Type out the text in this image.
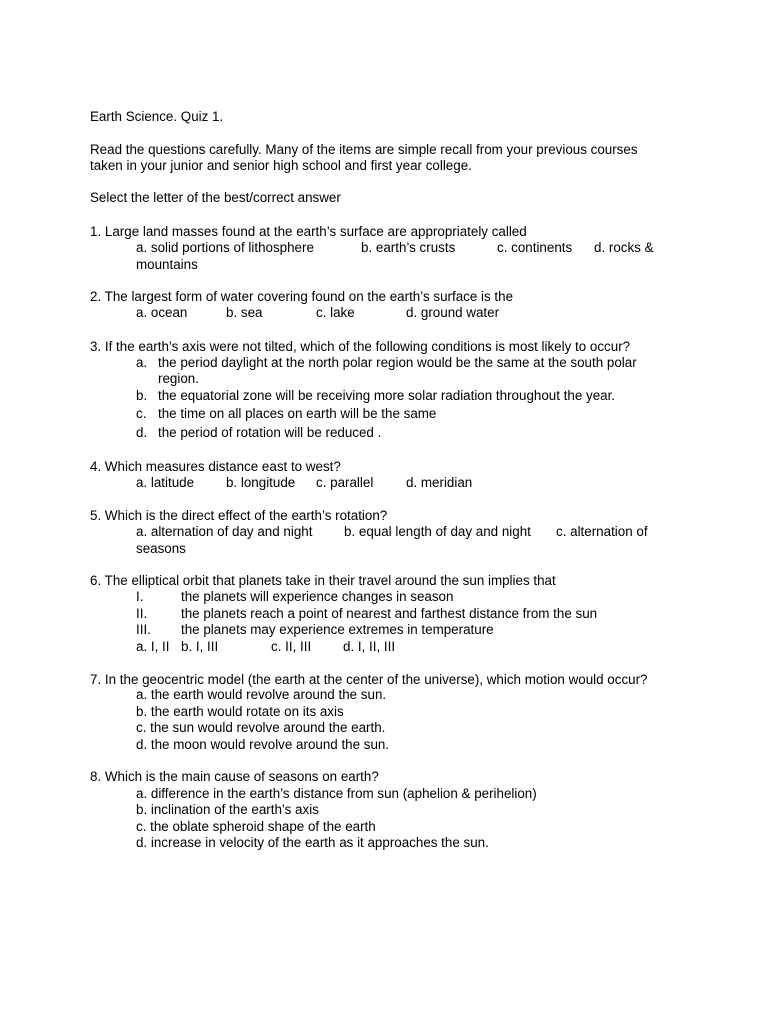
Earth Science. Quiz 1.
Read the questions carefully. Many of the items are simple recall from your previous courses
taken in your junior and senior high school and first year college.
Select the letter of the best/correct answer
1. Large land masses found at the earth’s surface are appropriately called
a. solid portions of lithosphere	b. earth’s crusts	c. continents d. rocks &
mountains
2. The largest form of water covering found on the earth’s surface is the
a. ocean	b. sea	c. lake	d. ground water
3. If the earth’s axis were not tilted, which of the following conditions is most likely to occur?
a. the period daylight at the north polar region would be the same at the south polar
region.
b. the equatorial zone will be receiving more solar radiation throughout the year.
c. the time on all places on earth will be the same
d. the period of rotation will be reduced .
4. Which measures distance east to west?
a. latitude b. longitude c. parallel d. meridian
5. Which is the direct effect of the earth’s rotation?
a. alternation of day and night b. equal length of day and night c. alternation of
seasons
6. The elliptical orbit that planets take in their travel around the sun implies that
I.	the planets will experience changes in season
II.	the planets reach a point of nearest and farthest distance from the sun
III. the planets may experience extremes in temperature
a. I, II b. I, III	c. II, III d. I, II, III
7. In the geocentric model (the earth at the center of the universe), which motion would occur?
a. the earth would revolve around the sun.
b. the earth would rotate on its axis
c. the sun would revolve around the earth.
d. the moon would revolve around the sun.
8. Which is the main cause of seasons on earth?
a. difference in the earth’s distance from sun (aphelion & perihelion)
b. inclination of the earth’s axis
c. the oblate spheroid shape of the earth
d. increase in velocity of the earth as it approaches the sun.
